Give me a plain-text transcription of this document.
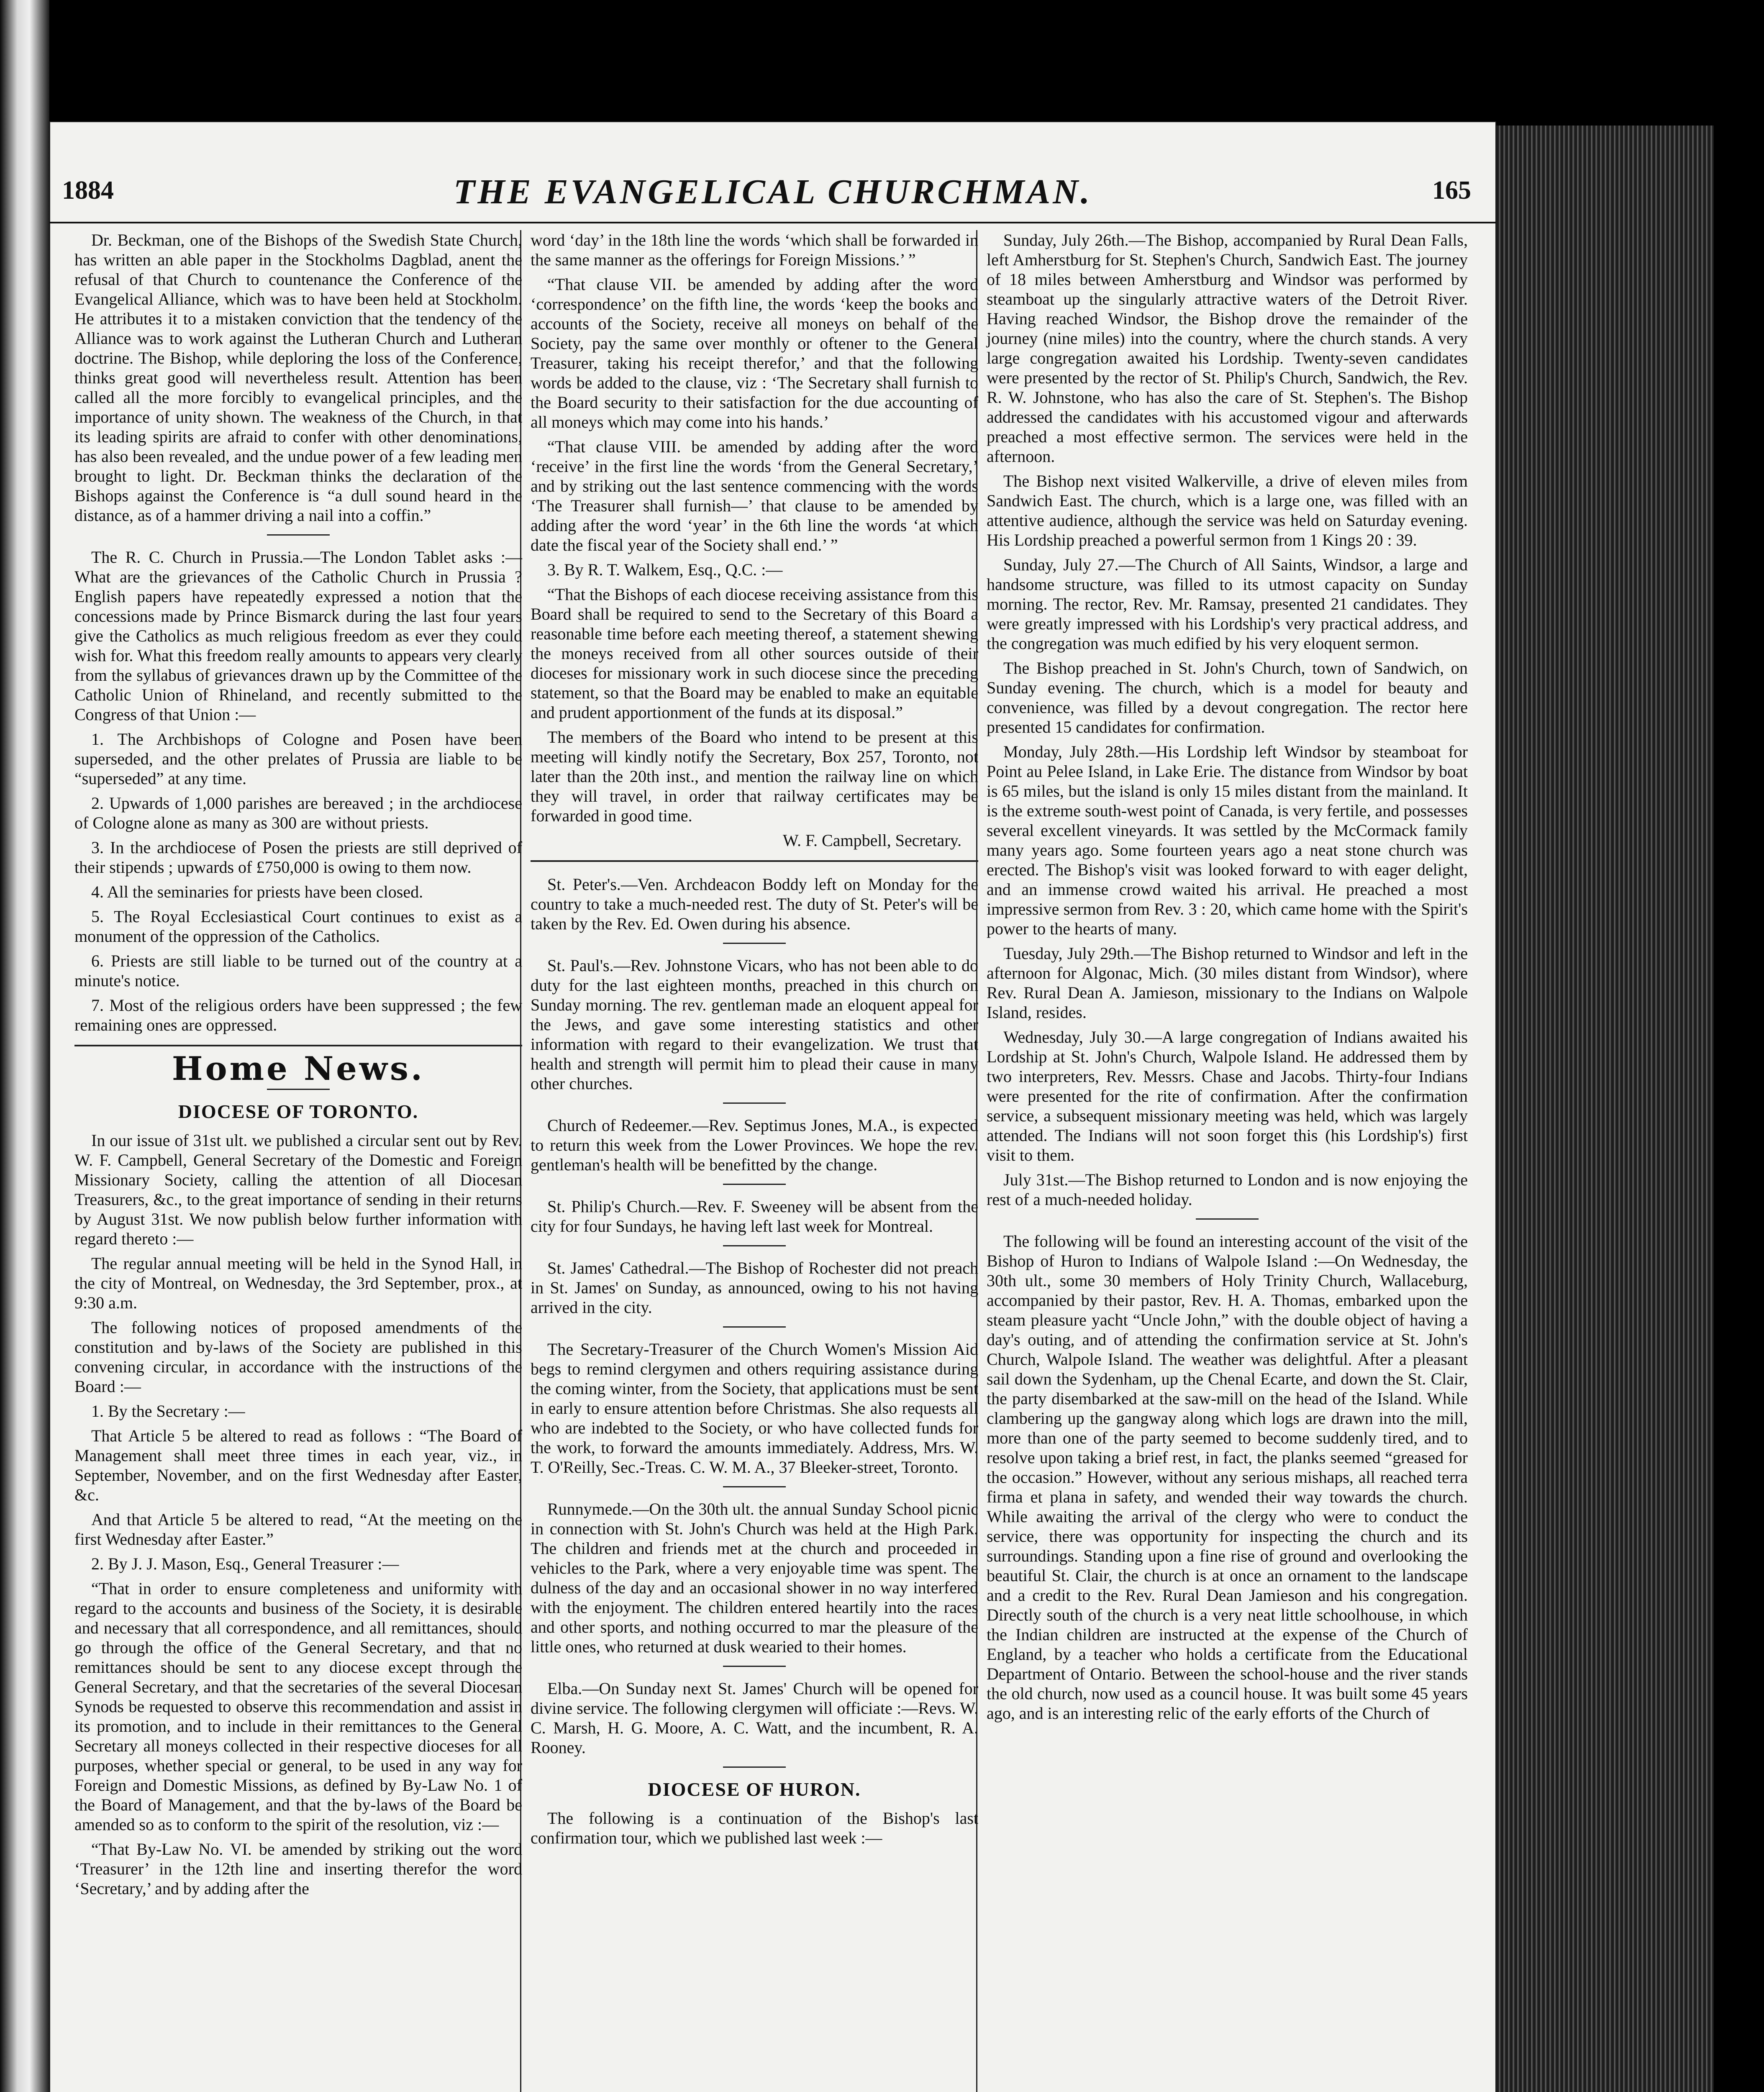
1884	THE EVANGELICAL CHURCHMAN.	165

Dr. Beckman, one of the Bishops of the Swedish State Church, has written an able paper in the Stockholms Dagblad, anent the refusal of that Church to countenance the Conference of the Evangelical Alliance, which was to have been held at Stockholm. He attributes it to a mistaken conviction that the tendency of the Alliance was to work against the Lutheran Church and Lutheran doctrine. The Bishop, while deploring the loss of the Conference, thinks great good will nevertheless result. Attention has been called all the more forcibly to evangelical principles, and the importance of unity shown. The weakness of the Church, in that its leading spirits are afraid to confer with other denominations, has also been revealed, and the undue power of a few leading men brought to light. Dr. Beckman thinks the declaration of the Bishops against the Conference is “a dull sound heard in the distance, as of a hammer driving a nail into a coffin.”

The R. C. Church in Prussia.—The London Tablet asks :—What are the grievances of the Catholic Church in Prussia ? English papers have repeatedly expressed a notion that the concessions made by Prince Bismarck during the last four years give the Catholics as much religious freedom as ever they could wish for. What this freedom really amounts to appears very clearly from the syllabus of grievances drawn up by the Committee of the Catholic Union of Rhineland, and recently submitted to the Congress of that Union :—

1. The Archbishops of Cologne and Posen have been superseded, and the other prelates of Prussia are liable to be “superseded” at any time.

2. Upwards of 1,000 parishes are bereaved ; in the archdiocese of Cologne alone as many as 300 are without priests.

3. In the archdiocese of Posen the priests are still deprived of their stipends ; upwards of £750,000 is owing to them now.

4. All the seminaries for priests have been closed.

5. The Royal Ecclesiastical Court continues to exist as a monument of the oppression of the Catholics.

6. Priests are still liable to be turned out of the country at a minute's notice.

7. Most of the religious orders have been suppressed ; the few remaining ones are oppressed.

Home News.
DIOCESE OF TORONTO.

In our issue of 31st ult. we published a circular sent out by Rev. W. F. Campbell, General Secretary of the Domestic and Foreign Missionary Society, calling the attention of all Diocesan Treasurers, &c., to the great importance of sending in their returns by August 31st. We now publish below further information with regard thereto :—

The regular annual meeting will be held in the Synod Hall, in the city of Montreal, on Wednesday, the 3rd September, prox., at 9:30 a.m.

The following notices of proposed amendments of the constitution and by-laws of the Society are published in this convening circular, in accordance with the instructions of the Board :—

1. By the Secretary :—

That Article 5 be altered to read as follows : “The Board of Management shall meet three times in each year, viz., in September, November, and on the first Wednesday after Easter, &c.

And that Article 5 be altered to read, “At the meeting on the first Wednesday after Easter.”

2. By J. J. Mason, Esq., General Treasurer :—

“That in order to ensure completeness and uniformity with regard to the accounts and business of the Society, it is desirable and necessary that all correspondence, and all remittances, should go through the office of the General Secretary, and that no remittances should be sent to any diocese except through the General Secretary, and that the secretaries of the several Diocesan Synods be requested to observe this recommendation and assist in its promotion, and to include in their remittances to the General Secretary all moneys collected in their respective dioceses for all purposes, whether special or general, to be used in any way for Foreign and Domestic Missions, as defined by By-Law No. 1 of the Board of Management, and that the by-laws of the Board be amended so as to conform to the spirit of the resolution, viz :—

“That By-Law No. VI. be amended by striking out the word ‘Treasurer’ in the 12th line and inserting therefor the word ‘Secretary,’ and by adding after the

word ‘day’ in the 18th line the words ‘which shall be forwarded in the same manner as the offerings for Foreign Missions.’ ”

“That clause VII. be amended by adding after the word ‘correspondence’ on the fifth line, the words ‘keep the books and accounts of the Society, receive all moneys on behalf of the Society, pay the same over monthly or oftener to the General Treasurer, taking his receipt therefor,’ and that the following words be added to the clause, viz : ‘The Secretary shall furnish to the Board security to their satisfaction for the due accounting of all moneys which may come into his hands.’

“That clause VIII. be amended by adding after the word ‘receive’ in the first line the words ‘from the General Secretary,’ and by striking out the last sentence commencing with the words ‘The Treasurer shall furnish—’ that clause to be amended by adding after the word ‘year’ in the 6th line the words ‘at which date the fiscal year of the Society shall end.’ ”

3. By R. T. Walkem, Esq., Q.C. :—

“That the Bishops of each diocese receiving assistance from this Board shall be required to send to the Secretary of this Board a reasonable time before each meeting thereof, a statement shewing the moneys received from all other sources outside of their dioceses for missionary work in such diocese since the preceding statement, so that the Board may be enabled to make an equitable and prudent apportionment of the funds at its disposal.”

The members of the Board who intend to be present at this meeting will kindly notify the Secretary, Box 257, Toronto, not later than the 20th inst., and mention the railway line on which they will travel, in order that railway certificates may be forwarded in good time.

W. F. Campbell, Secretary.

St. Peter's.—Ven. Archdeacon Boddy left on Monday for the country to take a much-needed rest. The duty of St. Peter's will be taken by the Rev. Ed. Owen during his absence.

St. Paul's.—Rev. Johnstone Vicars, who has not been able to do duty for the last eighteen months, preached in this church on Sunday morning. The rev. gentleman made an eloquent appeal for the Jews, and gave some interesting statistics and other information with regard to their evangelization. We trust that health and strength will permit him to plead their cause in many other churches.

Church of Redeemer.—Rev. Septimus Jones, M.A., is expected to return this week from the Lower Provinces. We hope the rev. gentleman's health will be benefitted by the change.

St. Philip's Church.—Rev. F. Sweeney will be absent from the city for four Sundays, he having left last week for Montreal.

St. James' Cathedral.—The Bishop of Rochester did not preach in St. James' on Sunday, as announced, owing to his not having arrived in the city.

The Secretary-Treasurer of the Church Women's Mission Aid begs to remind clergymen and others requiring assistance during the coming winter, from the Society, that applications must be sent in early to ensure attention before Christmas. She also requests all who are indebted to the Society, or who have collected funds for the work, to forward the amounts immediately. Address, Mrs. W. T. O'Reilly, Sec.-Treas. C. W. M. A., 37 Bleeker-street, Toronto.

Runnymede.—On the 30th ult. the annual Sunday School picnic in connection with St. John's Church was held at the High Park. The children and friends met at the church and proceeded in vehicles to the Park, where a very enjoyable time was spent. The dulness of the day and an occasional shower in no way interfered with the enjoyment. The children entered heartily into the races and other sports, and nothing occurred to mar the pleasure of the little ones, who returned at dusk wearied to their homes.

Elba.—On Sunday next St. James' Church will be opened for divine service. The following clergymen will officiate :—Revs. W. C. Marsh, H. G. Moore, A. C. Watt, and the incumbent, R. A. Rooney.

DIOCESE OF HURON.

The following is a continuation of the Bishop's last confirmation tour, which we published last week :—

Sunday, July 26th.—The Bishop, accompanied by Rural Dean Falls, left Amherstburg for St. Stephen's Church, Sandwich East. The journey of 18 miles between Amherstburg and Windsor was performed by steamboat up the singularly attractive waters of the Detroit River. Having reached Windsor, the Bishop drove the remainder of the journey (nine miles) into the country, where the church stands. A very large congregation awaited his Lordship. Twenty-seven candidates were presented by the rector of St. Philip's Church, Sandwich, the Rev. R. W. Johnstone, who has also the care of St. Stephen's. The Bishop addressed the candidates with his accustomed vigour and afterwards preached a most effective sermon. The services were held in the afternoon.

The Bishop next visited Walkerville, a drive of eleven miles from Sandwich East. The church, which is a large one, was filled with an attentive audience, although the service was held on Saturday evening. His Lordship preached a powerful sermon from 1 Kings 20 : 39.

Sunday, July 27.—The Church of All Saints, Windsor, a large and handsome structure, was filled to its utmost capacity on Sunday morning. The rector, Rev. Mr. Ramsay, presented 21 candidates. They were greatly impressed with his Lordship's very practical address, and the congregation was much edified by his very eloquent sermon.

The Bishop preached in St. John's Church, town of Sandwich, on Sunday evening. The church, which is a model for beauty and convenience, was filled by a devout congregation. The rector here presented 15 candidates for confirmation.

Monday, July 28th.—His Lordship left Windsor by steamboat for Point au Pelee Island, in Lake Erie. The distance from Windsor by boat is 65 miles, but the island is only 15 miles distant from the mainland. It is the extreme south-west point of Canada, is very fertile, and possesses several excellent vineyards. It was settled by the McCormack family many years ago. Some fourteen years ago a neat stone church was erected. The Bishop's visit was looked forward to with eager delight, and an immense crowd waited his arrival. He preached a most impressive sermon from Rev. 3 : 20, which came home with the Spirit's power to the hearts of many.

Tuesday, July 29th.—The Bishop returned to Windsor and left in the afternoon for Algonac, Mich. (30 miles distant from Windsor), where Rev. Rural Dean A. Jamieson, missionary to the Indians on Walpole Island, resides.

Wednesday, July 30.—A large congregation of Indians awaited his Lordship at St. John's Church, Walpole Island. He addressed them by two interpreters, Rev. Messrs. Chase and Jacobs. Thirty-four Indians were presented for the rite of confirmation. After the confirmation service, a subsequent missionary meeting was held, which was largely attended. The Indians will not soon forget this (his Lordship's) first visit to them.

July 31st.—The Bishop returned to London and is now enjoying the rest of a much-needed holiday.

The following will be found an interesting account of the visit of the Bishop of Huron to Indians of Walpole Island :—On Wednesday, the 30th ult., some 30 members of Holy Trinity Church, Wallaceburg, accompanied by their pastor, Rev. H. A. Thomas, embarked upon the steam pleasure yacht “Uncle John,” with the double object of having a day's outing, and of attending the confirmation service at St. John's Church, Walpole Island. The weather was delightful. After a pleasant sail down the Sydenham, up the Chenal Ecarte, and down the St. Clair, the party disembarked at the saw-mill on the head of the Island. While clambering up the gangway along which logs are drawn into the mill, more than one of the party seemed to become suddenly tired, and to resolve upon taking a brief rest, in fact, the planks seemed “greased for the occasion.” However, without any serious mishaps, all reached terra firma et plana in safety, and wended their way towards the church. While awaiting the arrival of the clergy who were to conduct the service, there was opportunity for inspecting the church and its surroundings. Standing upon a fine rise of ground and overlooking the beautiful St. Clair, the church is at once an ornament to the landscape and a credit to the Rev. Rural Dean Jamieson and his congregation. Directly south of the church is a very neat little schoolhouse, in which the Indian children are instructed at the expense of the Church of England, by a teacher who holds a certificate from the Educational Department of Ontario. Between the school-house and the river stands the old church, now used as a council house. It was built some 45 years ago, and is an interesting relic of the early efforts of the Church of
